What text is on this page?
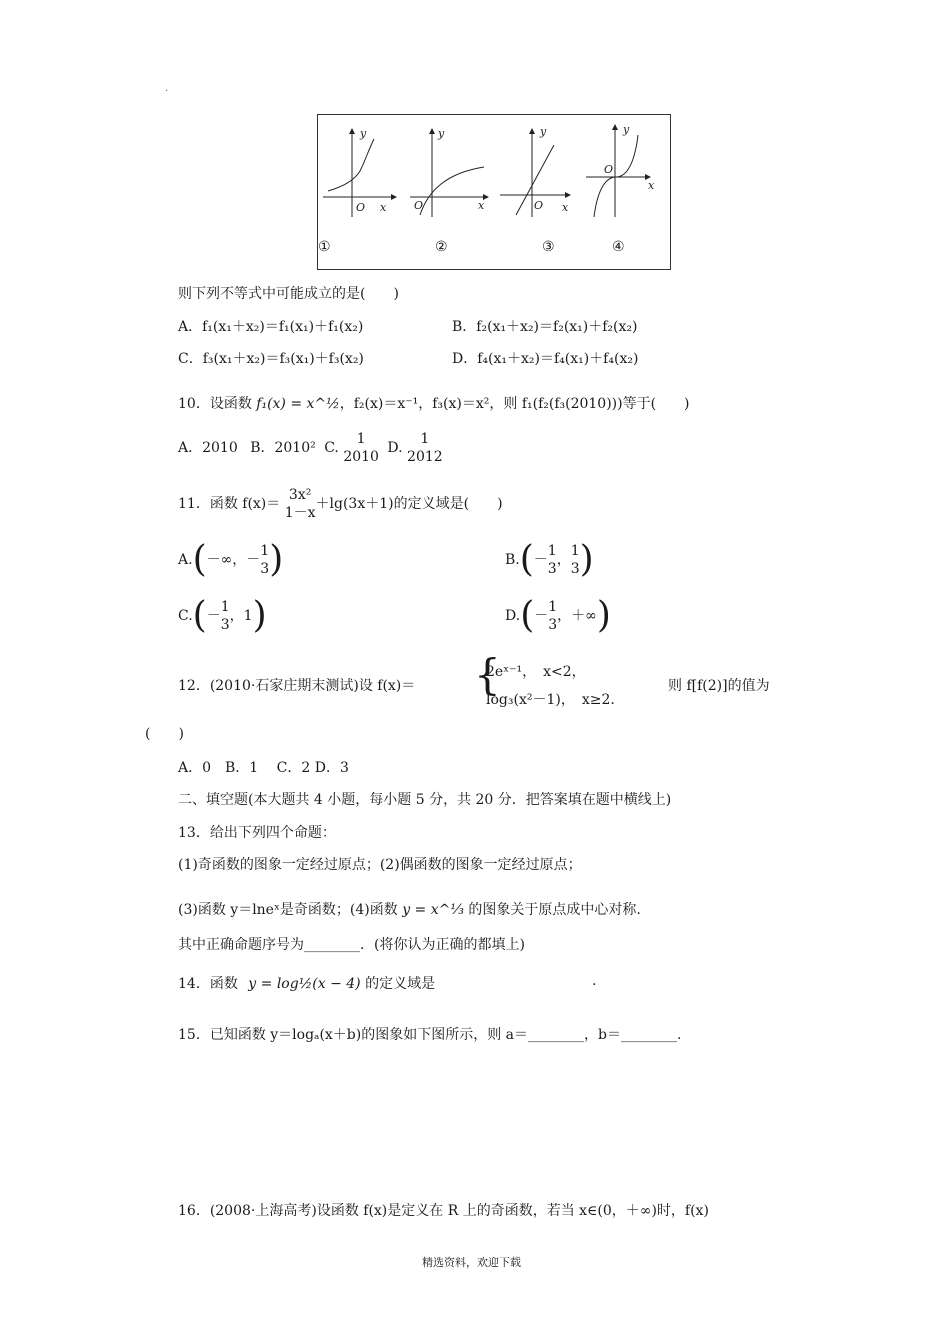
·
y
x
O
y
x
O
y
x
O
y
x
O
①	②	③	④
则下列不等式中可能成立的是(　　)
A．f₁(x₁＋x₂)＝f₁(x₁)＋f₁(x₂)	B．f₂(x₁＋x₂)＝f₂(x₁)＋f₂(x₂)
C．f₃(x₁＋x₂)＝f₃(x₁)＋f₃(x₂)	D．f₄(x₁＋x₂)＝f₄(x₁)＋f₄(x₂)
10．设函数 f₁(x) = x^½，f₂(x)＝x⁻¹，f₃(x)＝x²，则 f₁(f₂(f₃(2010)))等于(　　)
A．2010 B．2010² C.
1
2010
D.
1
2012
11．函数 f(x)＝
3x²
1－x
＋lg(3x＋1)的定义域是(　　)
A.(－∞，－
1
3 )	B.(－
1
3
，
1
3 )
C.(－
1
3
，1)	D.(－
1
3
，＋∞)
12．(2010·石家庄期末测试)设 f(x)＝ {
2eˣ⁻¹，　x<2，
log₃(x²－1)，　x≥2.
则 f[f(2)]的值为
(　　)
A．0　B．1　 C．2 D．3
二、填空题(本大题共 4 小题，每小题 5 分，共 20 分．把答案填在题中横线上)
13．给出下列四个命题：
(1)奇函数的图象一定经过原点；(2)偶函数的图象一定经过原点；
(3)函数 y＝lneˣ是奇函数；(4)函数 y = x^⅓ 的图象关于原点成中心对称.
其中正确命题序号为________．(将你认为正确的都填上)
14．函数 y = log½(x − 4) 的定义域是	.
15．已知函数 y＝logₐ(x＋b)的图象如下图所示，则 a＝________，b＝________.
16．(2008·上海高考)设函数 f(x)是定义在 R 上的奇函数，若当 x∈(0，＋∞)时，f(x)
精选资料，欢迎下载
